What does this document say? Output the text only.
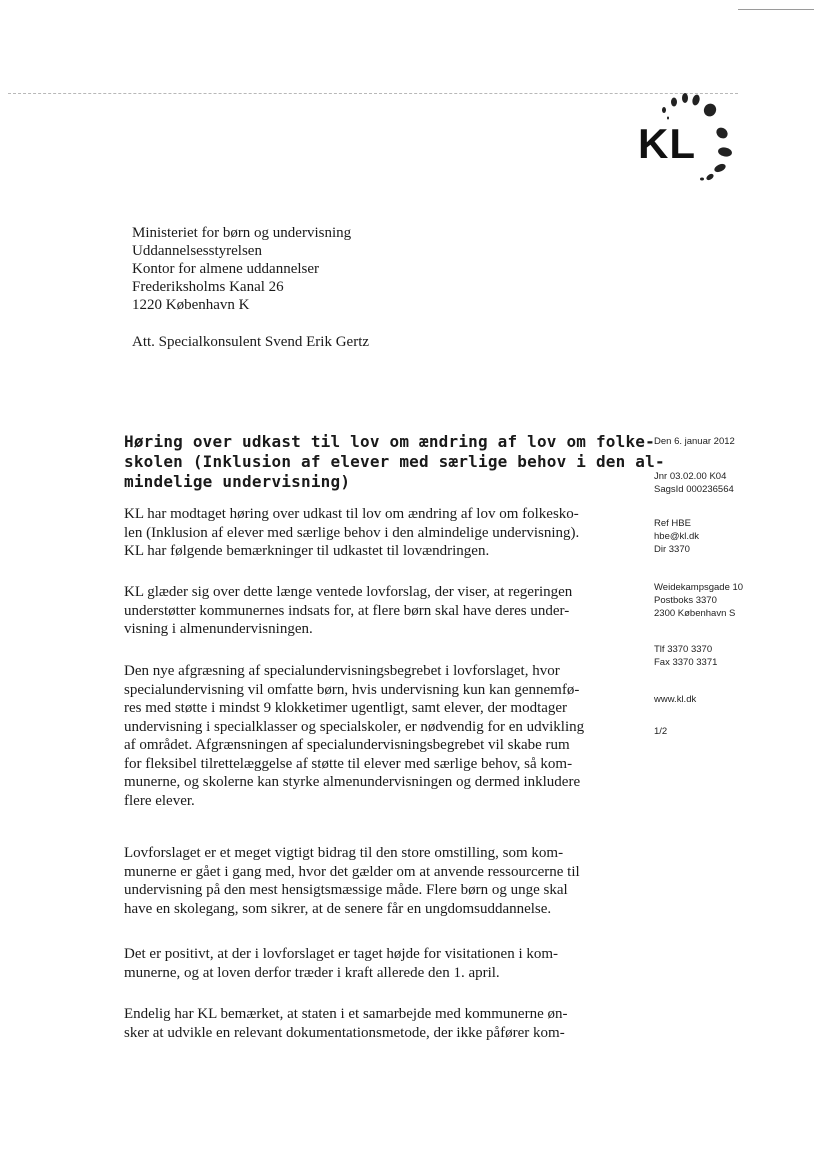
KL
Ministeriet for børn og undervisning
Uddannelsesstyrelsen
Kontor for almene uddannelser
Frederiksholms Kanal 26
1220 København K
Att. Specialkonsulent Svend Erik Gertz
Høring over udkast til lov om ændring af lov om folke-
skolen (Inklusion af elever med særlige behov i den al-
mindelige undervisning)
KL har modtaget høring over udkast til lov om ændring af lov om folkesko-
len (Inklusion af elever med særlige behov i den almindelige undervisning).
KL har følgende bemærkninger til udkastet til lovændringen.
KL glæder sig over dette længe ventede lovforslag, der viser, at regeringen
understøtter kommunernes indsats for, at flere børn skal have deres under-
visning i almenundervisningen.
Den nye afgræsning af specialundervisningsbegrebet i lovforslaget, hvor
specialundervisning vil omfatte børn, hvis undervisning kun kan gennemfø-
res med støtte i mindst 9 klokketimer ugentligt, samt elever, der modtager
undervisning i specialklasser og specialskoler, er nødvendig for en udvikling
af området. Afgrænsningen af specialundervisningsbegrebet vil skabe rum
for fleksibel tilrettelæggelse af støtte til elever med særlige behov, så kom-
munerne, og skolerne kan styrke almenundervisningen og dermed inkludere
flere elever.
Lovforslaget er et meget vigtigt bidrag til den store omstilling, som kom-
munerne er gået i gang med, hvor det gælder om at anvende ressourcerne til
undervisning på den mest hensigtsmæssige måde. Flere børn og unge skal
have en skolegang, som sikrer, at de senere får en ungdomsuddannelse.
Det er positivt, at der i lovforslaget er taget højde for visitationen i kom-
munerne, og at loven derfor træder i kraft allerede den 1. april.
Endelig har KL bemærket, at staten i et samarbejde med kommunerne øn-
sker at udvikle en relevant dokumentationsmetode, der ikke påfører kom-
Den 6. januar 2012
Jnr 03.02.00 K04
SagsId 000236564
Ref HBE
hbe@kl.dk
Dir 3370
Weidekampsgade 10
Postboks 3370
2300 København S
Tlf 3370 3370
Fax 3370 3371
www.kl.dk
1/2
